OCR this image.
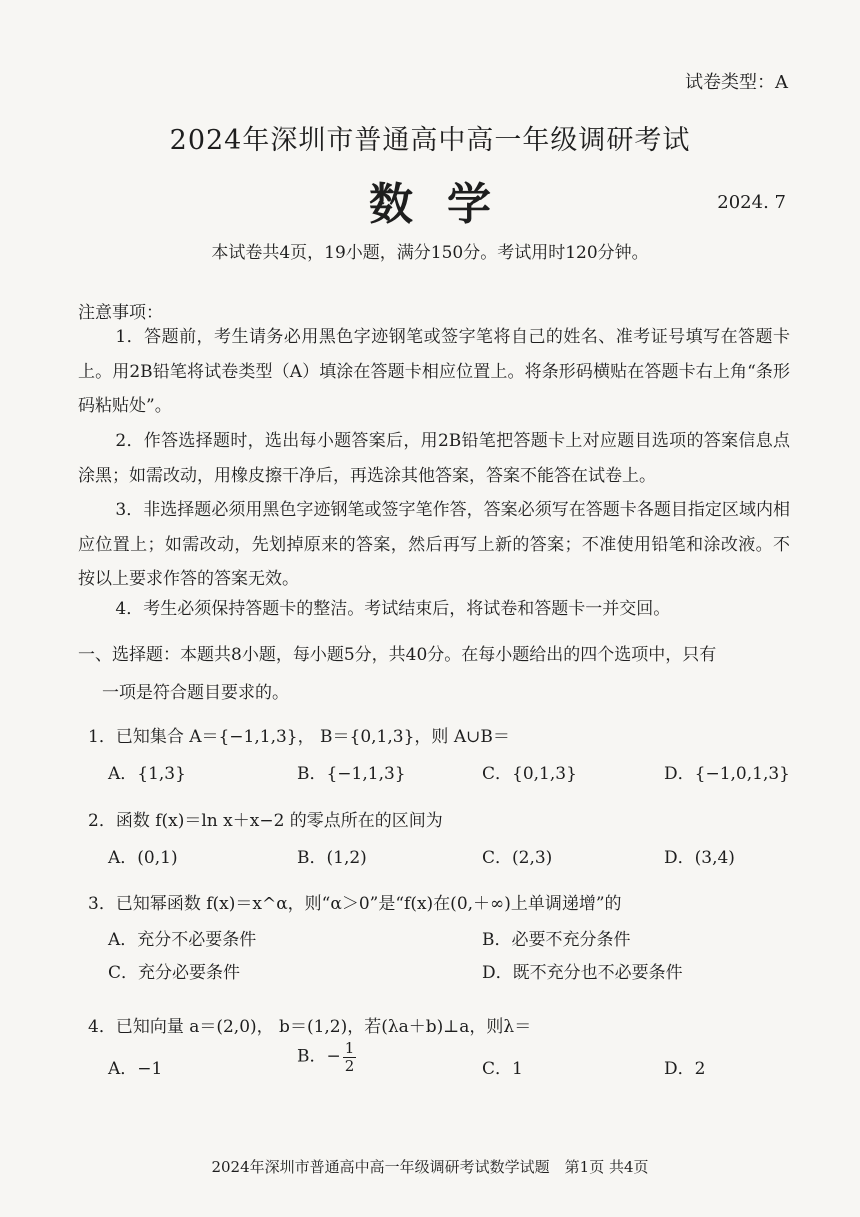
试卷类型：A
2024年深圳市普通高中高一年级调研考试
数学	2024. 7
本试卷共4页，19小题，满分150分。考试用时120分钟。
注意事项：
1．答题前，考生请务必用黑色字迹钢笔或签字笔将自己的姓名、准考证号填写在答题卡上。用2B铅笔将试卷类型（A）填涂在答题卡相应位置上。将条形码横贴在答题卡右上角“条形码粘贴处”。
2．作答选择题时，选出每小题答案后，用2B铅笔把答题卡上对应题目选项的答案信息点涂黑；如需改动，用橡皮擦干净后，再选涂其他答案，答案不能答在试卷上。
3．非选择题必须用黑色字迹钢笔或签字笔作答，答案必须写在答题卡各题目指定区域内相应位置上；如需改动，先划掉原来的答案，然后再写上新的答案；不准使用铅笔和涂改液。不按以上要求作答的答案无效。
4．考生必须保持答题卡的整洁。考试结束后，将试卷和答题卡一并交回。
一、选择题：本题共8小题，每小题5分，共40分。在每小题给出的四个选项中，只有
一项是符合题目要求的。
1．已知集合 A＝{−1,1,3}， B＝{0,1,3}，则 A∪B＝
A．{1,3}	B．{−1,1,3}	C．{0,1,3}	D．{−1,0,1,3}
2．函数 f(x)＝ln x＋x−2 的零点所在的区间为
A．(0,1)	B．(1,2)	C．(2,3)	D．(3,4)
3．已知幂函数 f(x)＝x^α，则“α＞0”是“f(x)在(0,＋∞)上单调递增”的
A．充分不必要条件	B．必要不充分条件
C．充分必要条件	D．既不充分也不必要条件
4．已知向量 a＝(2,0)， b＝(1,2)，若(λa＋b)⊥a，则λ＝
A．−1
B．− $\frac{1}{2}$	C．1	D．2
2024年深圳市普通高中高一年级调研考试数学试题　第1页 共4页
